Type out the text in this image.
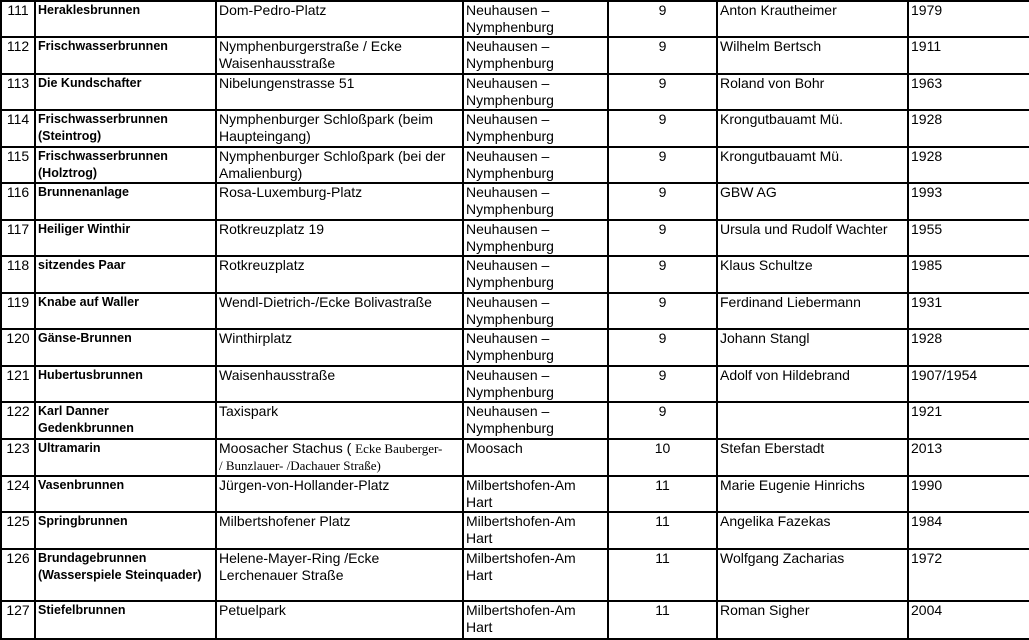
111	Heraklesbrunnen	Dom-Pedro-Platz	Neuhausen –
Nymphenburg	9	Anton Krautheimer	1979
112	Frischwasserbrunnen	Nymphenburgerstraße / Ecke
Waisenhausstraße	Neuhausen –
Nymphenburg	9	Wilhelm Bertsch	1911
113	Die Kundschafter	Nibelungenstrasse 51	Neuhausen –
Nymphenburg	9	Roland von Bohr	1963
114	Frischwasserbrunnen
(Steintrog)	Nymphenburger Schloßpark (beim
Haupteingang)	Neuhausen –
Nymphenburg	9	Krongutbauamt Mü.	1928
115	Frischwasserbrunnen
(Holztrog)	Nymphenburger Schloßpark (bei der
Amalienburg)	Neuhausen –
Nymphenburg	9	Krongutbauamt Mü.	1928
116	Brunnenanlage	Rosa-Luxemburg-Platz	Neuhausen –
Nymphenburg	9	GBW AG	1993
117	Heiliger Winthir	Rotkreuzplatz 19	Neuhausen –
Nymphenburg	9	Ursula und Rudolf Wachter	1955
118	sitzendes Paar	Rotkreuzplatz	Neuhausen –
Nymphenburg	9	Klaus Schultze	1985
119	Knabe auf Waller	Wendl-Dietrich-/Ecke Bolivastraße	Neuhausen –
Nymphenburg	9	Ferdinand Liebermann	1931
120	Gänse-Brunnen	Winthirplatz	Neuhausen –
Nymphenburg	9	Johann Stangl	1928
121	Hubertusbrunnen	Waisenhausstraße	Neuhausen –
Nymphenburg	9	Adolf von Hildebrand	1907/1954
122	Karl Danner
Gedenkbrunnen	Taxispark	Neuhausen –
Nymphenburg	9		1921
123	Ultramarin	Moosacher Stachus ( Ecke Bauberger-
/ Bunzlauer- /Dachauer Straße)	Moosach	10	Stefan Eberstadt	2013
124	Vasenbrunnen	Jürgen-von-Hollander-Platz	Milbertshofen-Am
Hart	11	Marie Eugenie Hinrichs	1990
125	Springbrunnen	Milbertshofener Platz	Milbertshofen-Am
Hart	11	Angelika Fazekas	1984
126	Brundagebrunnen
(Wasserspiele Steinquader)	Helene-Mayer-Ring /Ecke
Lerchenauer Straße	Milbertshofen-Am
Hart	11	Wolfgang Zacharias	1972
127	Stiefelbrunnen	Petuelpark	Milbertshofen-Am
Hart	11	Roman Sigher	2004
